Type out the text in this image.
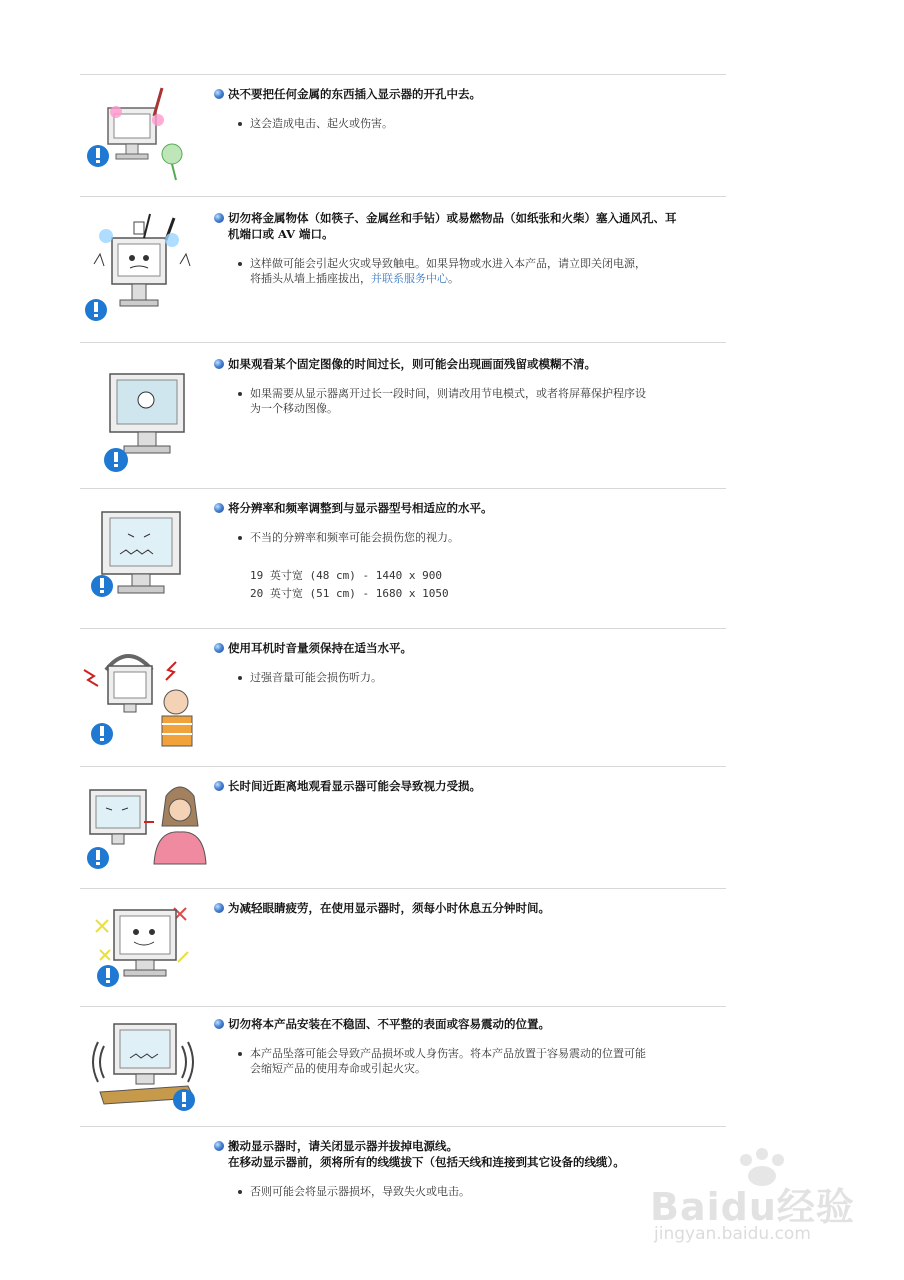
决不要把任何金属的东西插入显示器的开孔中去。
这会造成电击、起火或伤害。
切勿将金属物体（如筷子、金属丝和手钻）或易燃物品（如纸张和火柴）塞入通风孔、耳
机端口或 AV 端口。
这样做可能会引起火灾或导致触电。如果异物或水进入本产品，请立即关闭电源，
将插头从墙上插座拔出，并联系服务中心。
如果观看某个固定图像的时间过长，则可能会出现画面残留或模糊不清。
如果需要从显示器离开过长一段时间，则请改用节电模式，或者将屏幕保护程序设
为一个移动图像。
将分辨率和频率调整到与显示器型号相适应的水平。
不当的分辨率和频率可能会损伤您的视力。
19 英寸宽 (48 cm) - 1440 x 900
20 英寸宽 (51 cm) - 1680 x 1050
使用耳机时音量须保持在适当水平。
过强音量可能会损伤听力。
长时间近距离地观看显示器可能会导致视力受损。
为减轻眼睛疲劳，在使用显示器时，须每小时休息五分钟时间。
切勿将本产品安装在不稳固、不平整的表面或容易震动的位置。
本产品坠落可能会导致产品损坏或人身伤害。将本产品放置于容易震动的位置可能
会缩短产品的使用寿命或引起火灾。
搬动显示器时，请关闭显示器并拔掉电源线。
在移动显示器前，须将所有的线缆拔下（包括天线和连接到其它设备的线缆）。
否则可能会将显示器损坏，导致失火或电击。	Baidu经验
jingyan.baidu.com
